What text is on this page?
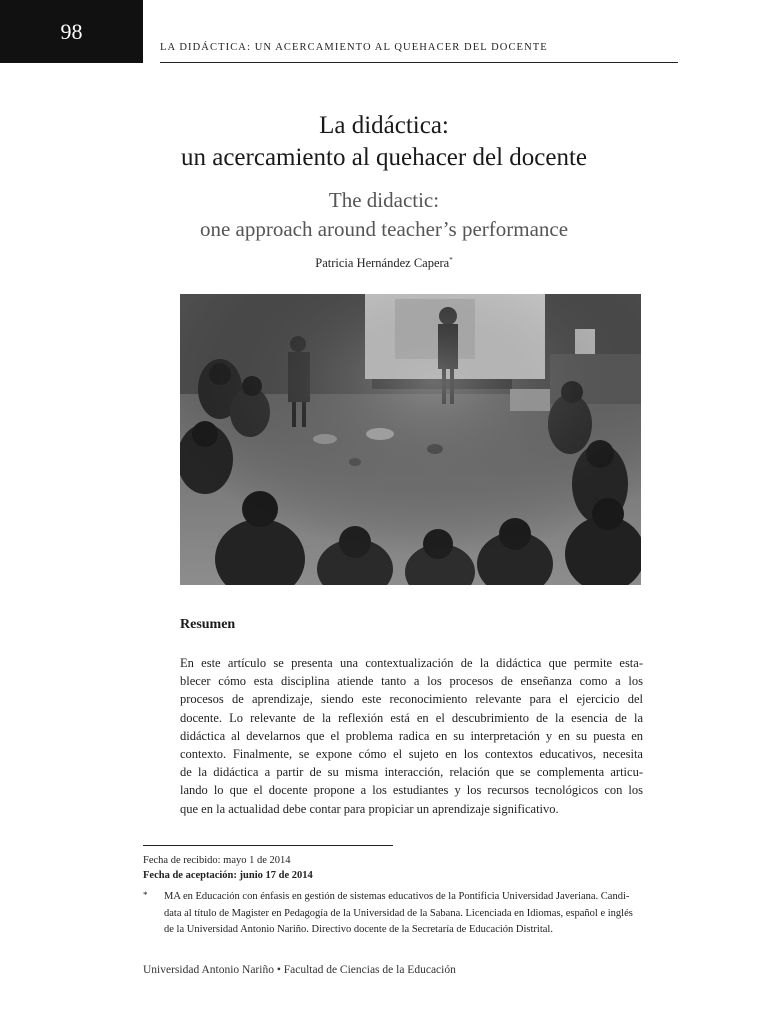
98
LA DIDÁCTICA: UN ACERCAMIENTO AL QUEHACER DEL DOCENTE
La didáctica:
un acercamiento al quehacer del docente
The didactic:
one approach around teacher’s performance
Patricia Hernández Capera*
Resumen

En este artículo se presenta una contextualización de la didáctica que permite esta-
blecer cómo esta disciplina atiende tanto a los procesos de enseñanza como a los
procesos de aprendizaje, siendo este reconocimiento relevante para el ejercicio del
docente. Lo relevante de la reflexión está en el descubrimiento de la esencia de la
didáctica al develarnos que el problema radica en su interpretación y en su puesta en
contexto. Finalmente, se expone cómo el sujeto en los contextos educativos, necesita
de la didáctica a partir de su misma interacción, relación que se complementa articu-
lando lo que el docente propone a los estudiantes y los recursos tecnológicos con los
que en la actualidad debe contar para propiciar un aprendizaje significativo.

Fecha de recibido: mayo 1 de 2014
Fecha de aceptación: junio 17 de 2014
* MA en Educación con énfasis en gestión de sistemas educativos de la Pontificia Universidad Javeriana. Candi-
data al título de Magister en Pedagogía de la Universidad de la Sabana. Licenciada en Idiomas, español e inglés
de la Universidad Antonio Nariño. Directivo docente de la Secretaría de Educación Distrital.
Universidad Antonio Nariño • Facultad de Ciencias de la Educación
